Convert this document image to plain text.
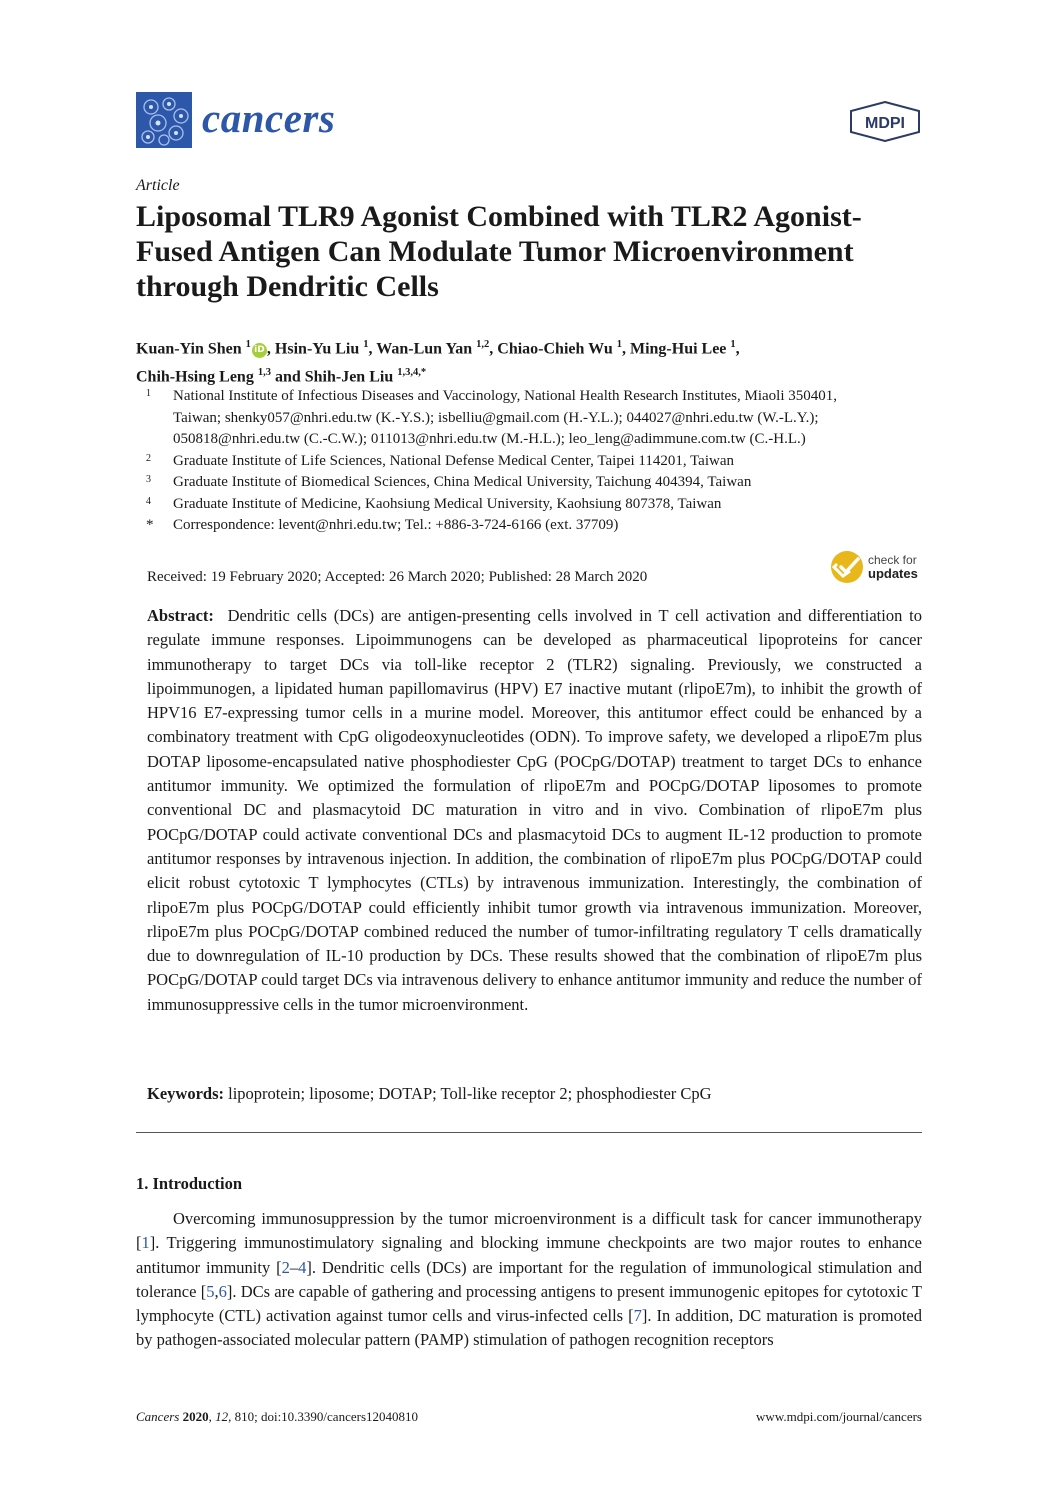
cancers	MDPI
Article
Liposomal TLR9 Agonist Combined with TLR2 Agonist-Fused Antigen Can Modulate Tumor Microenvironment through Dendritic Cells
Kuan-Yin Shen $^1$iD , Hsin-Yu Liu $^1$, Wan-Lun Yan $^{1,2}$, Chiao-Chieh Wu $^1$, Ming-Hui Lee $^1$,
Chih-Hsing Leng $^{1,3}$ and Shih-Jen Liu $^{1,3,4,*}$
1 National Institute of Infectious Diseases and Vaccinology, National Health Research Institutes, Miaoli 350401,
Taiwan; shenky057@nhri.edu.tw (K.-Y.S.); isbelliu@gmail.com (H.-Y.L.); 044027@nhri.edu.tw (W.-L.Y.);
050818@nhri.edu.tw (C.-C.W.); 011013@nhri.edu.tw (M.-H.L.); leo_leng@adimmune.com.tw (C.-H.L.)
2 Graduate Institute of Life Sciences, National Defense Medical Center, Taipei 114201, Taiwan
3 Graduate Institute of Biomedical Sciences, China Medical University, Taichung 404394, Taiwan
4 Graduate Institute of Medicine, Kaohsiung Medical University, Kaohsiung 807378, Taiwan
* Correspondence: levent@nhri.edu.tw; Tel.: +886-3-724-6166 (ext. 37709)
Received: 19 February 2020; Accepted: 26 March 2020; Published: 28 March 2020
check for
updates

Abstract: Dendritic cells (DCs) are antigen-presenting cells involved in T cell activation and differentiation to regulate immune responses. Lipoimmunogens can be developed as pharmaceutical lipoproteins for cancer immunotherapy to target DCs via toll-like receptor 2 (TLR2) signaling. Previously, we constructed a lipoimmunogen, a lipidated human papillomavirus (HPV) E7 inactive mutant (rlipoE7m), to inhibit the growth of HPV16 E7-expressing tumor cells in a murine model. Moreover, this antitumor effect could be enhanced by a combinatory treatment with CpG oligodeoxynucleotides (ODN). To improve safety, we developed a rlipoE7m plus DOTAP liposome-encapsulated native phosphodiester CpG (POCpG/DOTAP) treatment to target DCs to enhance antitumor immunity. We optimized the formulation of rlipoE7m and POCpG/DOTAP liposomes to promote conventional DC and plasmacytoid DC maturation in vitro and in vivo. Combination of rlipoE7m plus POCpG/DOTAP could activate conventional DCs and plasmacytoid DCs to augment IL-12 production to promote antitumor responses by intravenous injection. In addition, the combination of rlipoE7m plus POCpG/DOTAP could elicit robust cytotoxic T lymphocytes (CTLs) by intravenous immunization. Interestingly, the combination of rlipoE7m plus POCpG/DOTAP could efficiently inhibit tumor growth via intravenous immunization. Moreover, rlipoE7m plus POCpG/DOTAP combined reduced the number of tumor-infiltrating regulatory T cells dramatically due to downregulation of IL-10 production by DCs. These results showed that the combination of rlipoE7m plus POCpG/DOTAP could target DCs via intravenous delivery to enhance antitumor immunity and reduce the number of immunosuppressive cells in the tumor microenvironment.

Keywords: lipoprotein; liposome; DOTAP; Toll-like receptor 2; phosphodiester CpG
1. Introduction

Overcoming immunosuppression by the tumor microenvironment is a difficult task for cancer immunotherapy [1]. Triggering immunostimulatory signaling and blocking immune checkpoints are two major routes to enhance antitumor immunity [2–4]. Dendritic cells (DCs) are important for the regulation of immunological stimulation and tolerance [5,6]. DCs are capable of gathering and processing antigens to present immunogenic epitopes for cytotoxic T lymphocyte (CTL) activation against tumor cells and virus-infected cells [7]. In addition, DC maturation is promoted by pathogen-associated molecular pattern (PAMP) stimulation of pathogen recognition receptors

Cancers 2020, 12, 810; doi:10.3390/cancers12040810	www.mdpi.com/journal/cancers
